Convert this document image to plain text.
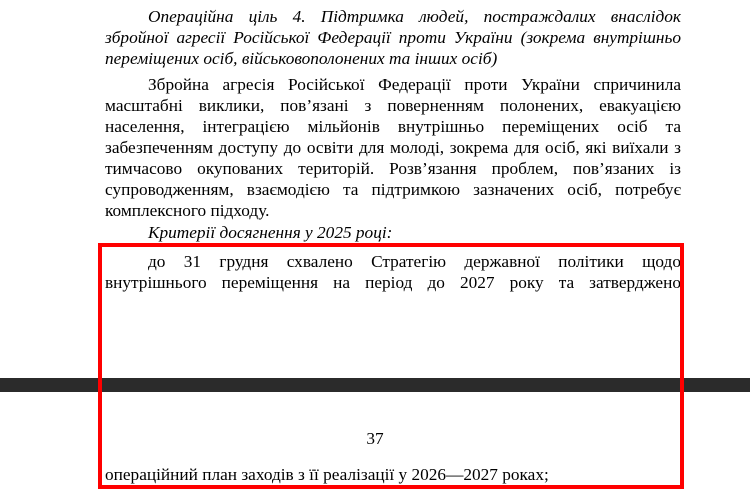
Операційна ціль 4. Підтримка людей, постраждалих внаслідок
збройної агресії Російської Федерації проти України (зокрема внутрішньо
переміщених осіб, військовополонених та інших осіб)
Збройна агресія Російської Федерації проти України спричинила
масштабні виклики, пов’язані з поверненням полонених, евакуацією
населення, інтеграцією мільйонів внутрішньо переміщених осіб та
забезпеченням доступу до освіти для молоді, зокрема для осіб, які виїхали з
тимчасово окупованих територій. Розв’язання проблем, пов’язаних із
супроводженням, взаємодією та підтримкою зазначених осіб, потребує
комплексного підходу.
Критерії досягнення у 2025 році:
до 31 грудня схвалено Стратегію державної політики щодо
внутрішнього переміщення на період до 2027 року та затверджено
37
операційний план заходів з її реалізації у 2026—2027 роках;
